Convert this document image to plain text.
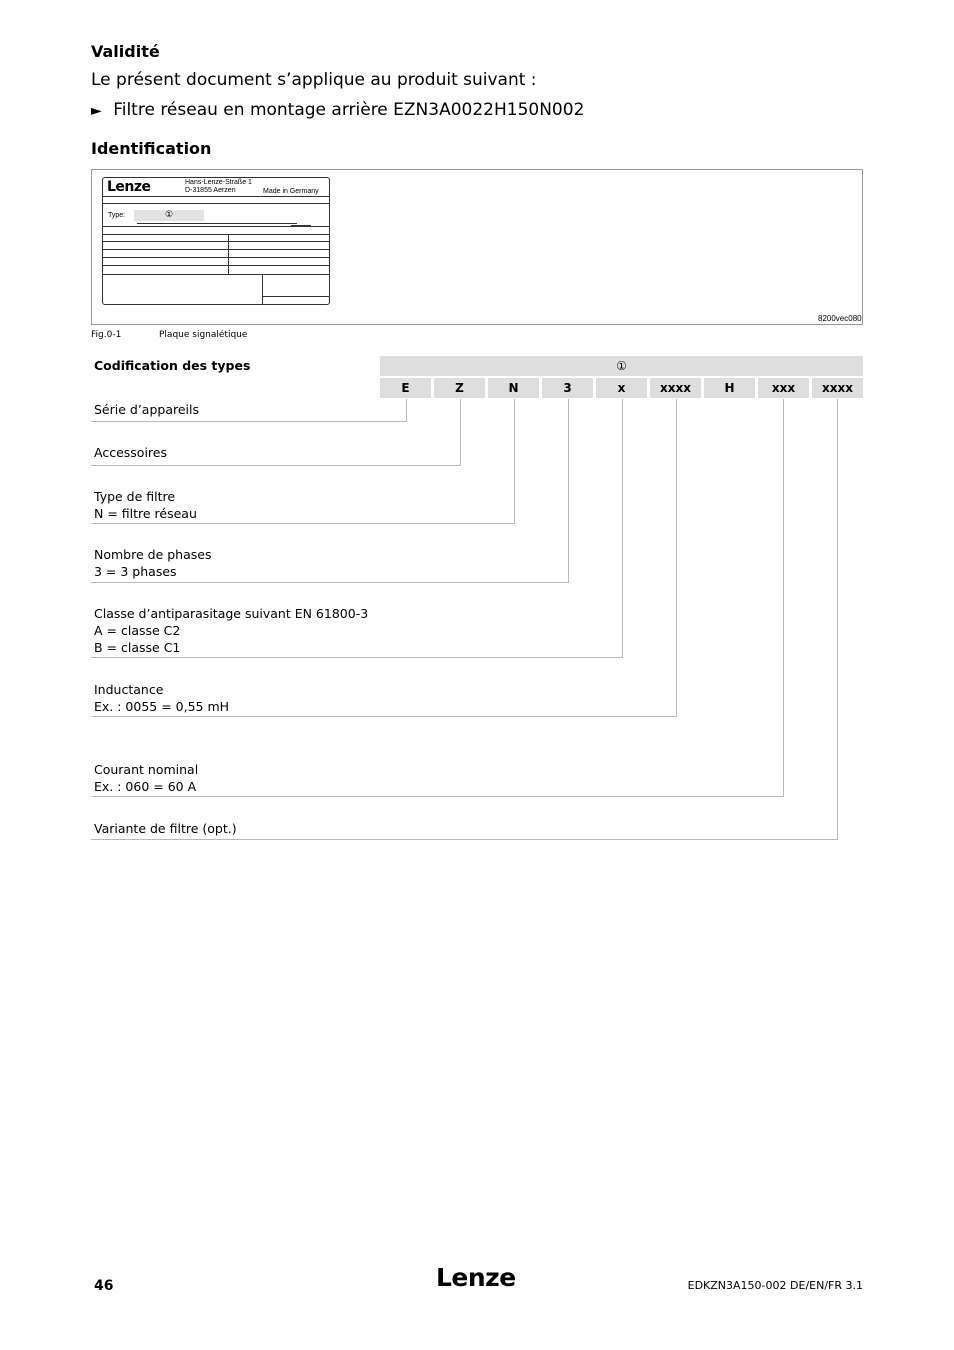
Validité
Le présent document s’applique au produit suivant :
► Filtre réseau en montage arrière EZN3A0022H150N002
Identification
Lenze	Hans-Lenze-Straße 1
D-31855 Aerzen	Made in Germany
Type:	①
8200vec080
Fig.0-1	Plaque signalétique
Codification des types	①
E	Z	N	3	x	xxxx	H	xxx	xxxx
Série d’appareils
Accessoires
Type de filtre
N = filtre réseau
Nombre de phases
3 = 3 phases
Classe d’antiparasitage suivant EN 61800-3
A = classe C2
B = classe C1
Inductance
Ex. : 0055 = 0,55 mH
Courant nominal
Ex. : 060 = 60 A
Variante de filtre (opt.)
46	Lenze	EDKZN3A150-002 DE/EN/FR 3.1
